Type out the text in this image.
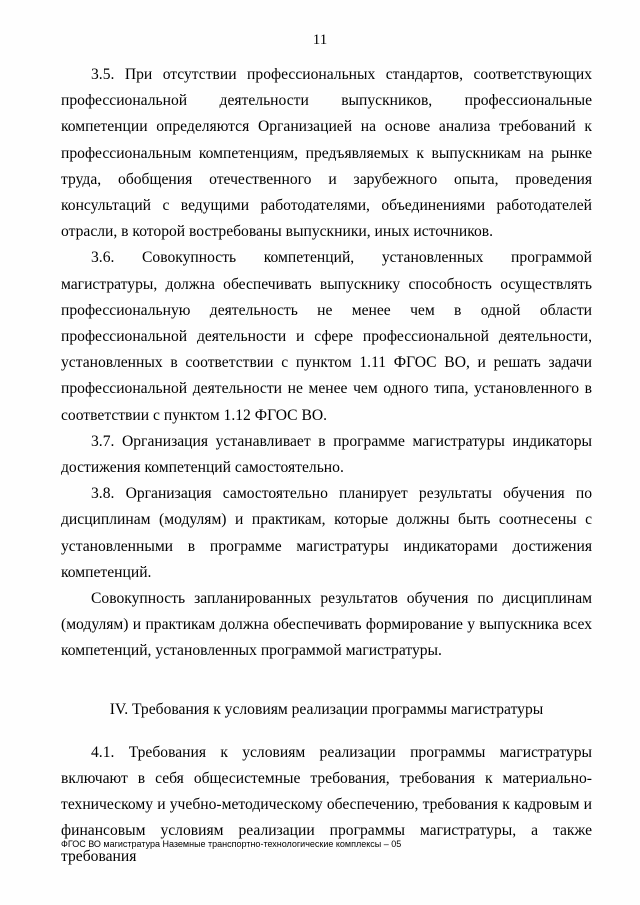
11

3.5. При отсутствии профессиональных стандартов, соответствующих профессиональной деятельности выпускников, профессиональные компетенции определяются Организацией на основе анализа требований к профессиональным компетенциям, предъявляемых к выпускникам на рынке труда, обобщения отечественного и зарубежного опыта, проведения консультаций с ведущими работодателями, объединениями работодателей отрасли, в которой востребованы выпускники, иных источников.

3.6. Совокупность компетенций, установленных программой магистратуры, должна обеспечивать выпускнику способность осуществлять профессиональную деятельность не менее чем в одной области профессиональной деятельности и сфере профессиональной деятельности, установленных в соответствии с пунктом 1.11 ФГОС ВО, и решать задачи профессиональной деятельности не менее чем одного типа, установленного в соответствии с пунктом 1.12 ФГОС ВО.

3.7. Организация устанавливает в программе магистратуры индикаторы достижения компетенций самостоятельно.

3.8. Организация самостоятельно планирует результаты обучения по дисциплинам (модулям) и практикам, которые должны быть соотнесены с установленными в программе магистратуры индикаторами достижения компетенций.

Совокупность запланированных результатов обучения по дисциплинам (модулям) и практикам должна обеспечивать формирование у выпускника всех компетенций, установленных программой магистратуры.

IV. Требования к условиям реализации программы магистратуры

4.1. Требования к условиям реализации программы магистратуры включают в себя общесистемные требования, требования к материально-техническому и учебно-методическому обеспечению, требования к кадровым и финансовым условиям реализации программы магистратуры, а также требования

ФГОС ВО магистратура Наземные транспортно-технологические комплексы – 05
